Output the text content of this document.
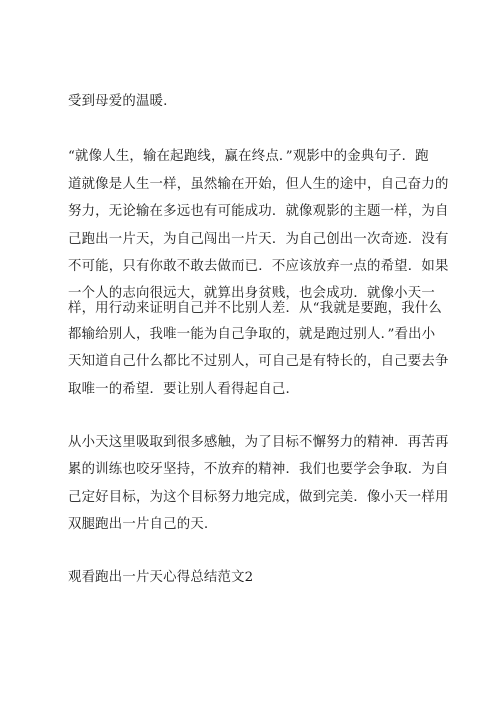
受到母爱的温暖.
“就像人生，输在起跑线，赢在终点．”观影中的金典句子．跑
道就像是人生一样，虽然输在开始，但人生的途中，自己奋力的
努力，无论输在多远也有可能成功．就像观影的主题一样，为自
己跑出一片天，为自己闯出一片天．为自己创出一次奇迹．没有
不可能，只有你敢不敢去做而已．不应该放弃一点的希望．如果
一个人的志向很远大，就算出身贫贱，也会成功．就像小天一
样，用行动来证明自己并不比别人差．从“我就是要跑，我什么
都输给别人，我唯一能为自己争取的，就是跑过别人．”看出小
天知道自己什么都比不过别人，可自己是有特长的，自己要去争
取唯一的希望．要让别人看得起自己.
从小天这里吸取到很多感触，为了目标不懈努力的精神．再苦再
累的训练也咬牙坚持，不放弃的精神．我们也要学会争取．为自
己定好目标，为这个目标努力地完成，做到完美．像小天一样用
双腿跑出一片自己的天.
观看跑出一片天心得总结范文2
